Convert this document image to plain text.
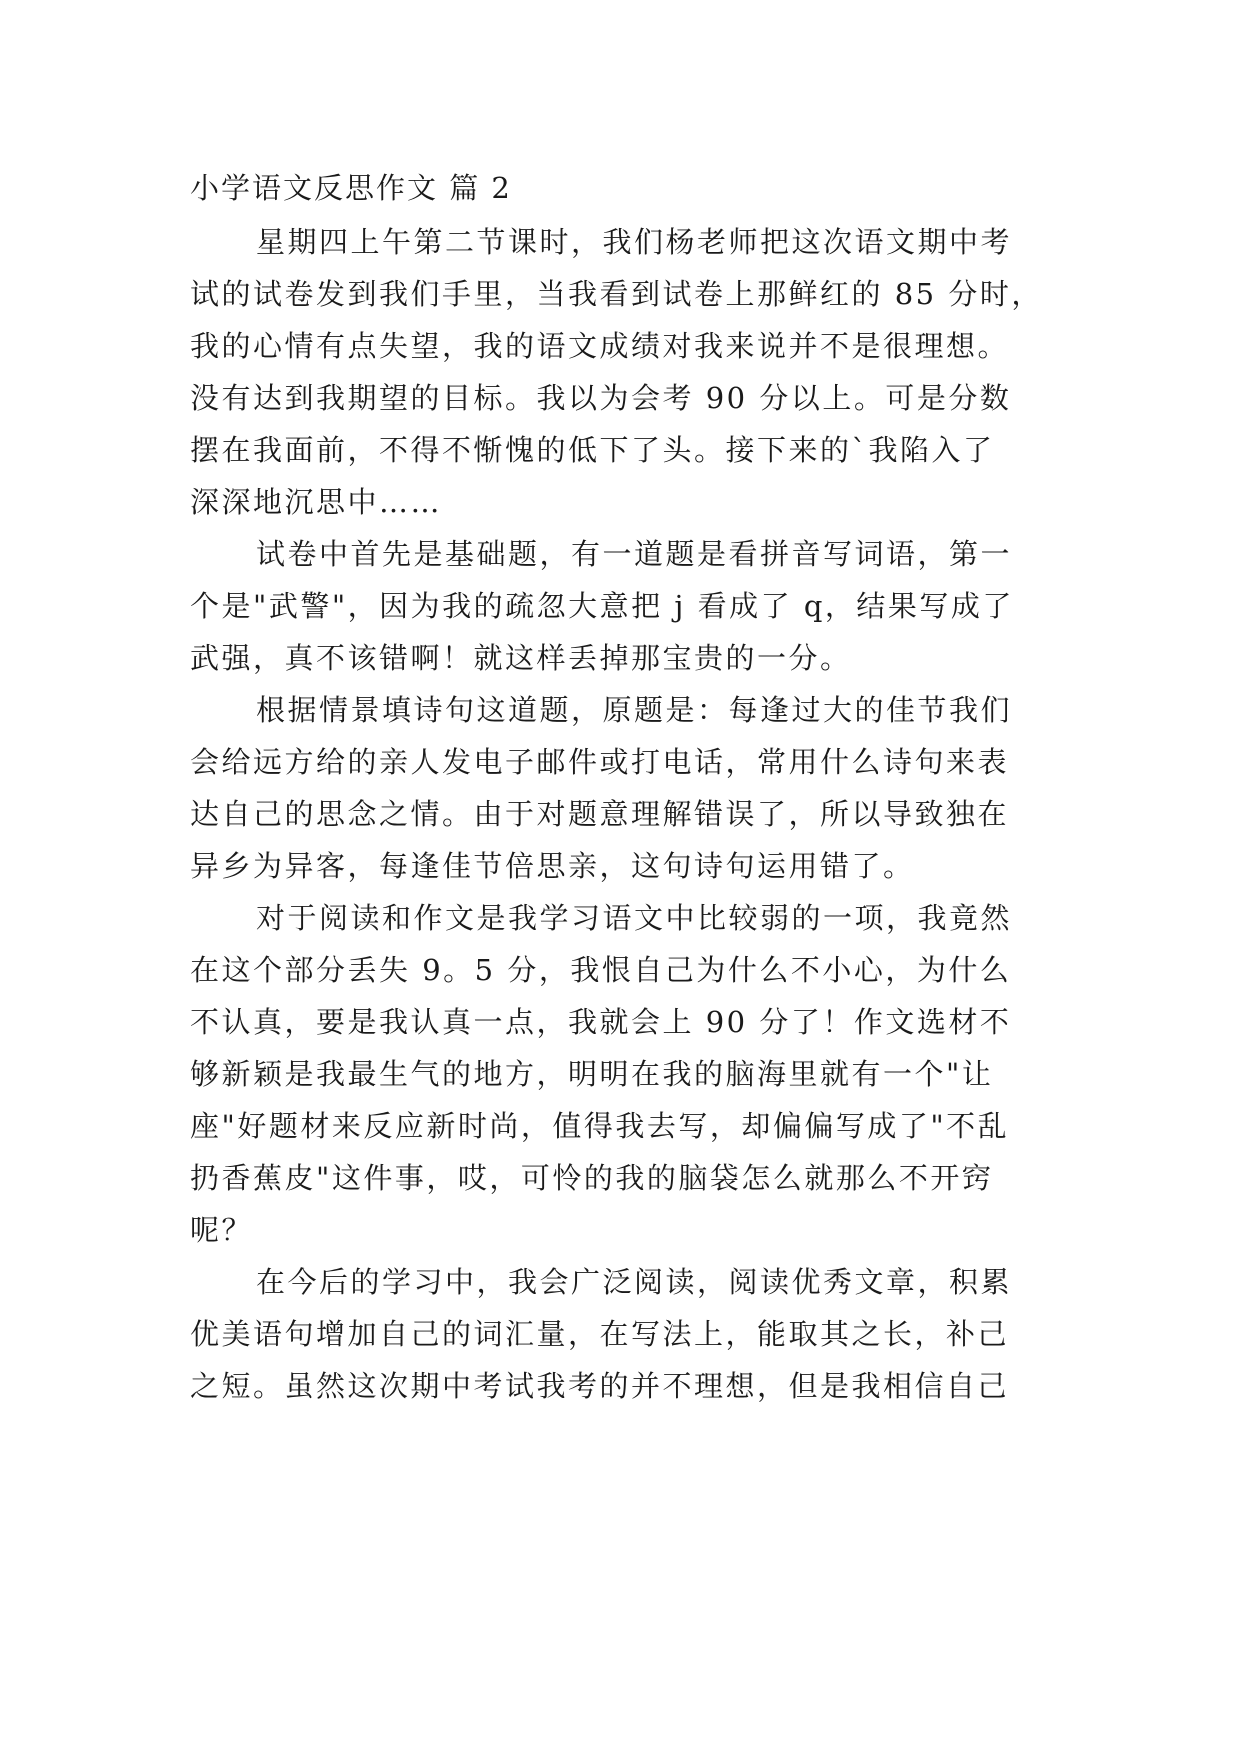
小学语文反思作文 篇 2
星期四上午第二节课时，我们杨老师把这次语文期中考
试的试卷发到我们手里，当我看到试卷上那鲜红的 85 分时，
我的心情有点失望，我的语文成绩对我来说并不是很理想。
没有达到我期望的目标。我以为会考 90 分以上。可是分数
摆在我面前，不得不惭愧的低下了头。接下来的`我陷入了
深深地沉思中……
试卷中首先是基础题，有一道题是看拼音写词语，第一
个是"武警"，因为我的疏忽大意把 j 看成了 q，结果写成了
武强，真不该错啊！就这样丢掉那宝贵的一分。
根据情景填诗句这道题，原题是：每逢过大的佳节我们
会给远方给的亲人发电子邮件或打电话，常用什么诗句来表
达自己的思念之情。由于对题意理解错误了，所以导致独在
异乡为异客，每逢佳节倍思亲，这句诗句运用错了。
对于阅读和作文是我学习语文中比较弱的一项，我竟然
在这个部分丢失 9。5 分，我恨自己为什么不小心，为什么
不认真，要是我认真一点，我就会上 90 分了！作文选材不
够新颖是我最生气的地方，明明在我的脑海里就有一个"让
座"好题材来反应新时尚，值得我去写，却偏偏写成了"不乱
扔香蕉皮"这件事，哎，可怜的我的脑袋怎么就那么不开窍
呢？
在今后的学习中，我会广泛阅读，阅读优秀文章，积累
优美语句增加自己的词汇量，在写法上，能取其之长，补己
之短。虽然这次期中考试我考的并不理想，但是我相信自己
